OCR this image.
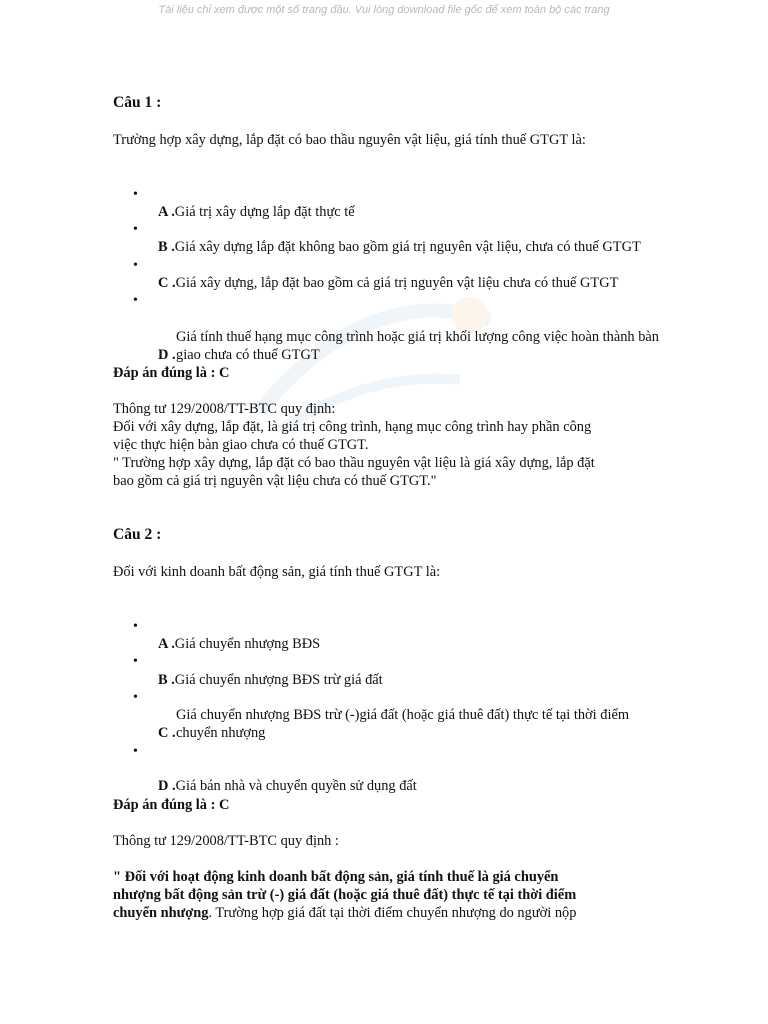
Tài liệu chỉ xem được một số trang đầu. Vui lòng download file gốc để xem toàn bộ các trang
Câu 1 :
Trường hợp xây dựng, lắp đặt có bao thầu nguyên vật liệu, giá tính thuế GTGT là:
•
A .Giá trị xây dựng lắp đặt thực tế
•
B .Giá xây dựng lắp đặt không bao gồm giá trị nguyên vật liệu, chưa có thuế GTGT
•
C .Giá xây dựng, lắp đặt bao gồm cả giá trị nguyên vật liệu chưa có thuế GTGT
•
D .
Giá tính thuế hạng mục công trình hoặc giá trị khối lượng công việc hoàn thành bàn
giao chưa có thuế GTGT
Đáp án đúng là : C
Thông tư 129/2008/TT-BTC quy định:
Đối với xây dựng, lắp đặt, là giá trị công trình, hạng mục công trình hay phần công
việc thực hiện bàn giao chưa có thuế GTGT.
" Trường hợp xây dựng, lắp đặt có bao thầu nguyên vật liệu là giá xây dựng, lắp đặt
bao gồm cả giá trị nguyên vật liệu chưa có thuế GTGT."
Câu 2 :
Đối với kinh doanh bất động sản, giá tính thuế GTGT là:
•
A .Giá chuyển nhượng BĐS
•
B .Giá chuyển nhượng BĐS trừ giá đất
•
C .
Giá chuyển nhượng BĐS trừ (-)giá đất (hoặc giá thuê đất) thực tế tại thời điểm
chuyển nhượng
•
D .Giá bán nhà và chuyển quyền sử dụng đất
Đáp án đúng là : C
Thông tư 129/2008/TT-BTC quy định :
" Đối với hoạt động kinh doanh bất động sản, giá tính thuế là giá chuyển
nhượng bất động sản trừ (-) giá đất (hoặc giá thuê đất) thực tế tại thời điểm
chuyển nhượng. Trường hợp giá đất tại thời điểm chuyển nhượng do người nộp
